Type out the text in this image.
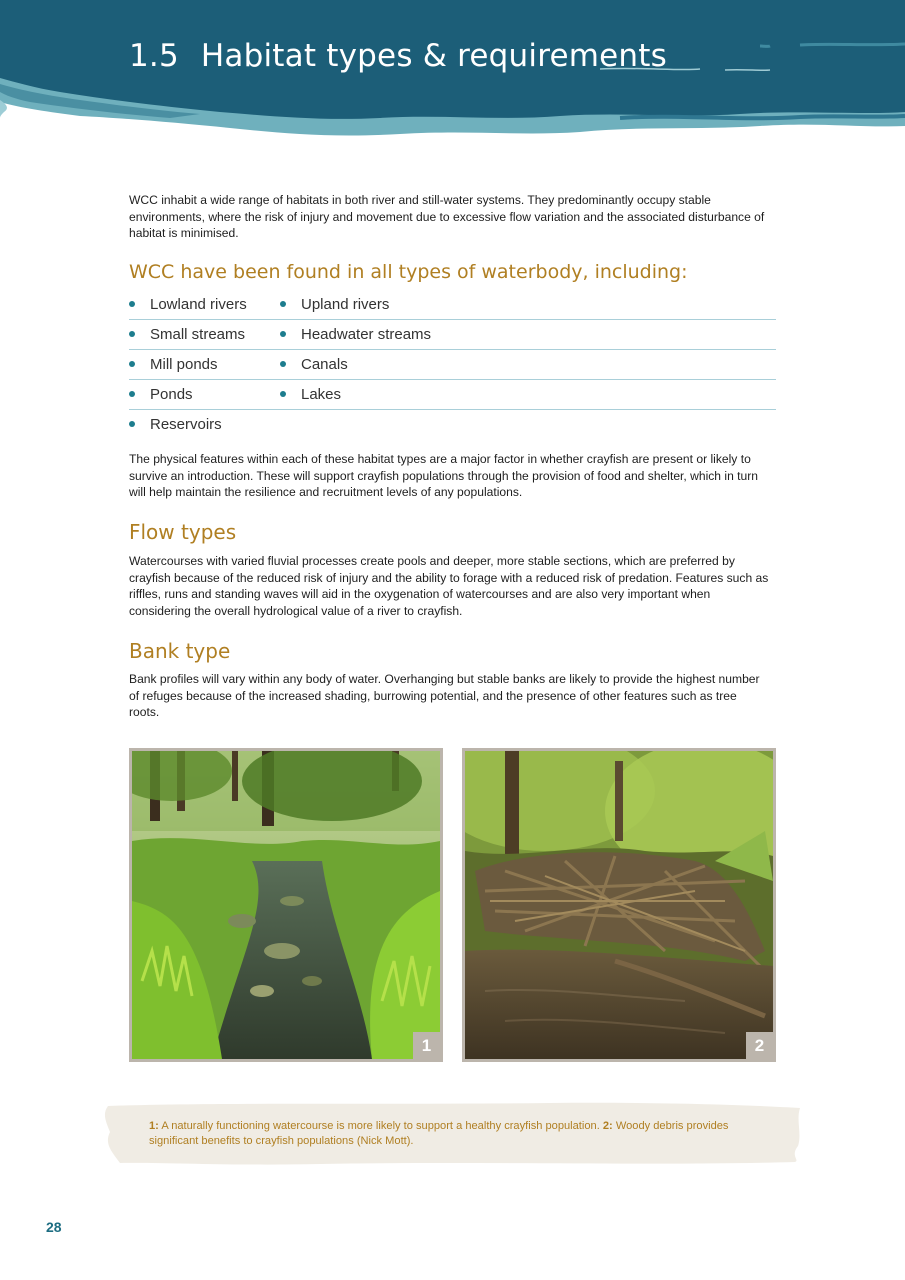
1.5 Habitat types & requirements

WCC inhabit a wide range of habitats in both river and still-water systems. They predominantly occupy stable environments, where the risk of injury and movement due to excessive flow variation and the associated disturbance of habitat is minimised.

WCC have been found in all types of waterbody, including:
Lowland rivers	Upland rivers
Small streams	Headwater streams
Mill ponds	Canals
Ponds	Lakes
Reservoirs

The physical features within each of these habitat types are a major factor in whether crayfish are present or likely to survive an introduction. These will support crayfish populations through the provision of food and shelter, which in turn will help maintain the resilience and recruitment levels of any populations.

Flow types

Watercourses with varied fluvial processes create pools and deeper, more stable sections, which are preferred by crayfish because of the reduced risk of injury and the ability to forage with a reduced risk of predation. Features such as riffles, runs and standing waves will aid in the oxygenation of watercourses and are also very important when considering the overall hydrological value of a river to crayfish.

Bank type

Bank profiles will vary within any body of water. Overhanging but stable banks are likely to provide the highest number of refuges because of the increased shading, burrowing potential, and the presence of other features such as tree roots.

1	2

1: A naturally functioning watercourse is more likely to support a healthy crayfish population. 2: Woody debris provides significant benefits to crayfish populations (Nick Mott).

28
